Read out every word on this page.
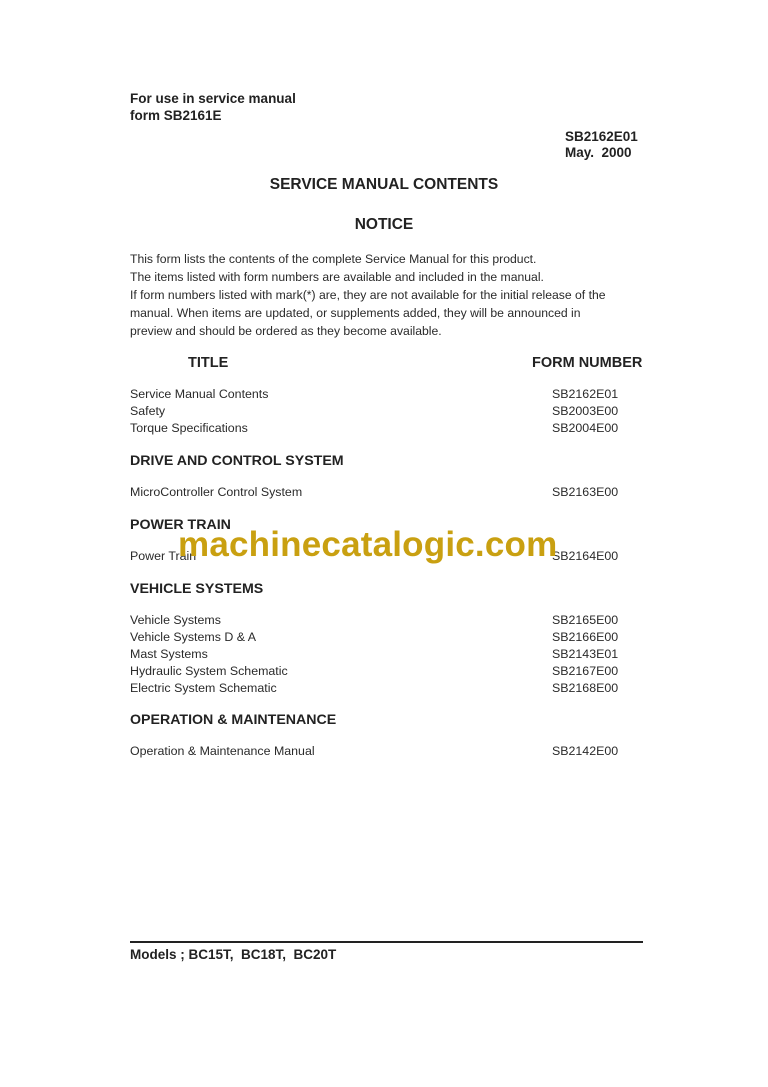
For use in service manual
form SB2161E
SB2162E01
May.  2000
SERVICE MANUAL CONTENTS
NOTICE
This form lists the contents of the complete Service Manual for this product.
The items listed with form numbers are available and included in the manual.
If form numbers listed with mark(*) are, they are not available for the initial release of the
manual. When items are updated, or supplements added, they will be announced in
preview and should be ordered as they become available.
TITLE	FORM NUMBER
Service Manual Contents	SB2162E01
Safety	SB2003E00
Torque Specifications	SB2004E00
DRIVE AND CONTROL SYSTEM
MicroController Control System	SB2163E00
POWER TRAIN
Power Train	SB2164E00
VEHICLE SYSTEMS
Vehicle Systems	SB2165E00
Vehicle Systems D & A	SB2166E00
Mast Systems	SB2143E01
Hydraulic System Schematic	SB2167E00
Electric System Schematic	SB2168E00
OPERATION & MAINTENANCE
Operation & Maintenance Manual	SB2142E00
machinecatalogic.com
Models ; BC15T,  BC18T,  BC20T
